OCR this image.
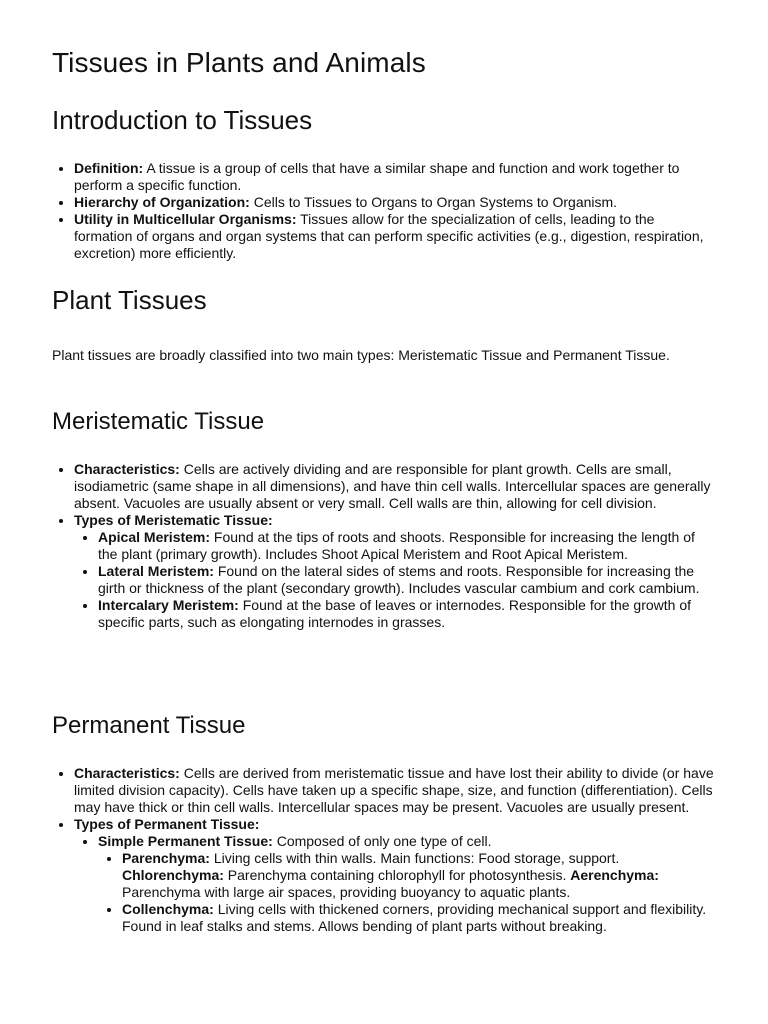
Tissues in Plants and Animals
Introduction to Tissues
• Definition: A tissue is a group of cells that have a similar shape and function and work together to perform a specific function.
• Hierarchy of Organization: Cells to Tissues to Organs to Organ Systems to Organism.
• Utility in Multicellular Organisms: Tissues allow for the specialization of cells, leading to the formation of organs and organ systems that can perform specific activities (e.g., digestion, respiration, excretion) more efficiently.
Plant Tissues

Plant tissues are broadly classified into two main types: Meristematic Tissue and Permanent Tissue.

Meristematic Tissue
• Characteristics: Cells are actively dividing and are responsible for plant growth. Cells are small, isodiametric (same shape in all dimensions), and have thin cell walls. Intercellular spaces are generally absent. Vacuoles are usually absent or very small. Cell walls are thin, allowing for cell division.
• Types of Meristematic Tissue:
• Apical Meristem: Found at the tips of roots and shoots. Responsible for increasing the length of the plant (primary growth). Includes Shoot Apical Meristem and Root Apical Meristem.
• Lateral Meristem: Found on the lateral sides of stems and roots. Responsible for increasing the girth or thickness of the plant (secondary growth). Includes vascular cambium and cork cambium.
• Intercalary Meristem: Found at the base of leaves or internodes. Responsible for the growth of specific parts, such as elongating internodes in grasses.
Permanent Tissue
• Characteristics: Cells are derived from meristematic tissue and have lost their ability to divide (or have limited division capacity). Cells have taken up a specific shape, size, and function (differentiation). Cells may have thick or thin cell walls. Intercellular spaces may be present. Vacuoles are usually present.
• Types of Permanent Tissue:
• Simple Permanent Tissue: Composed of only one type of cell.
• Parenchyma: Living cells with thin walls. Main functions: Food storage, support. Chlorenchyma: Parenchyma containing chlorophyll for photosynthesis. Aerenchyma: Parenchyma with large air spaces, providing buoyancy to aquatic plants.
• Collenchyma: Living cells with thickened corners, providing mechanical support and flexibility. Found in leaf stalks and stems. Allows bending of plant parts without breaking.
